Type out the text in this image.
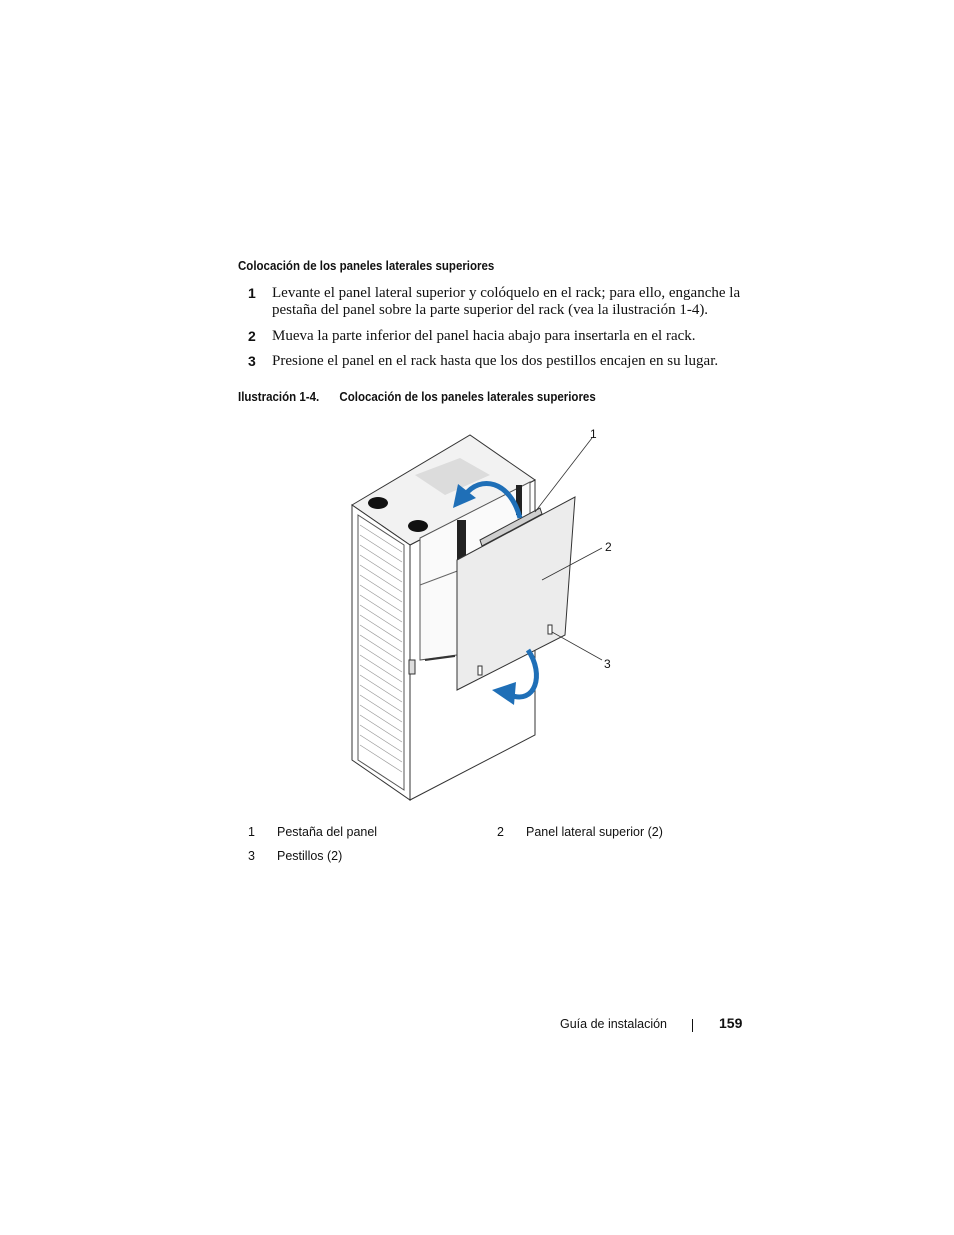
Colocación de los paneles laterales superiores
1 Levante el panel lateral superior y colóquelo en el rack; para ello, enganche la pestaña del panel sobre la parte superior del rack (vea la ilustración 1-4).
2 Mueva la parte inferior del panel hacia abajo para insertarla en el rack.
3 Presione el panel en el rack hasta que los dos pestillos encajen en su lugar.
Ilustración 1-4. Colocación de los paneles laterales superiores
1
2
3
1 Pestaña del panel	2 Panel lateral superior (2)
3 Pestillos (2)
Guía de instalación	159
